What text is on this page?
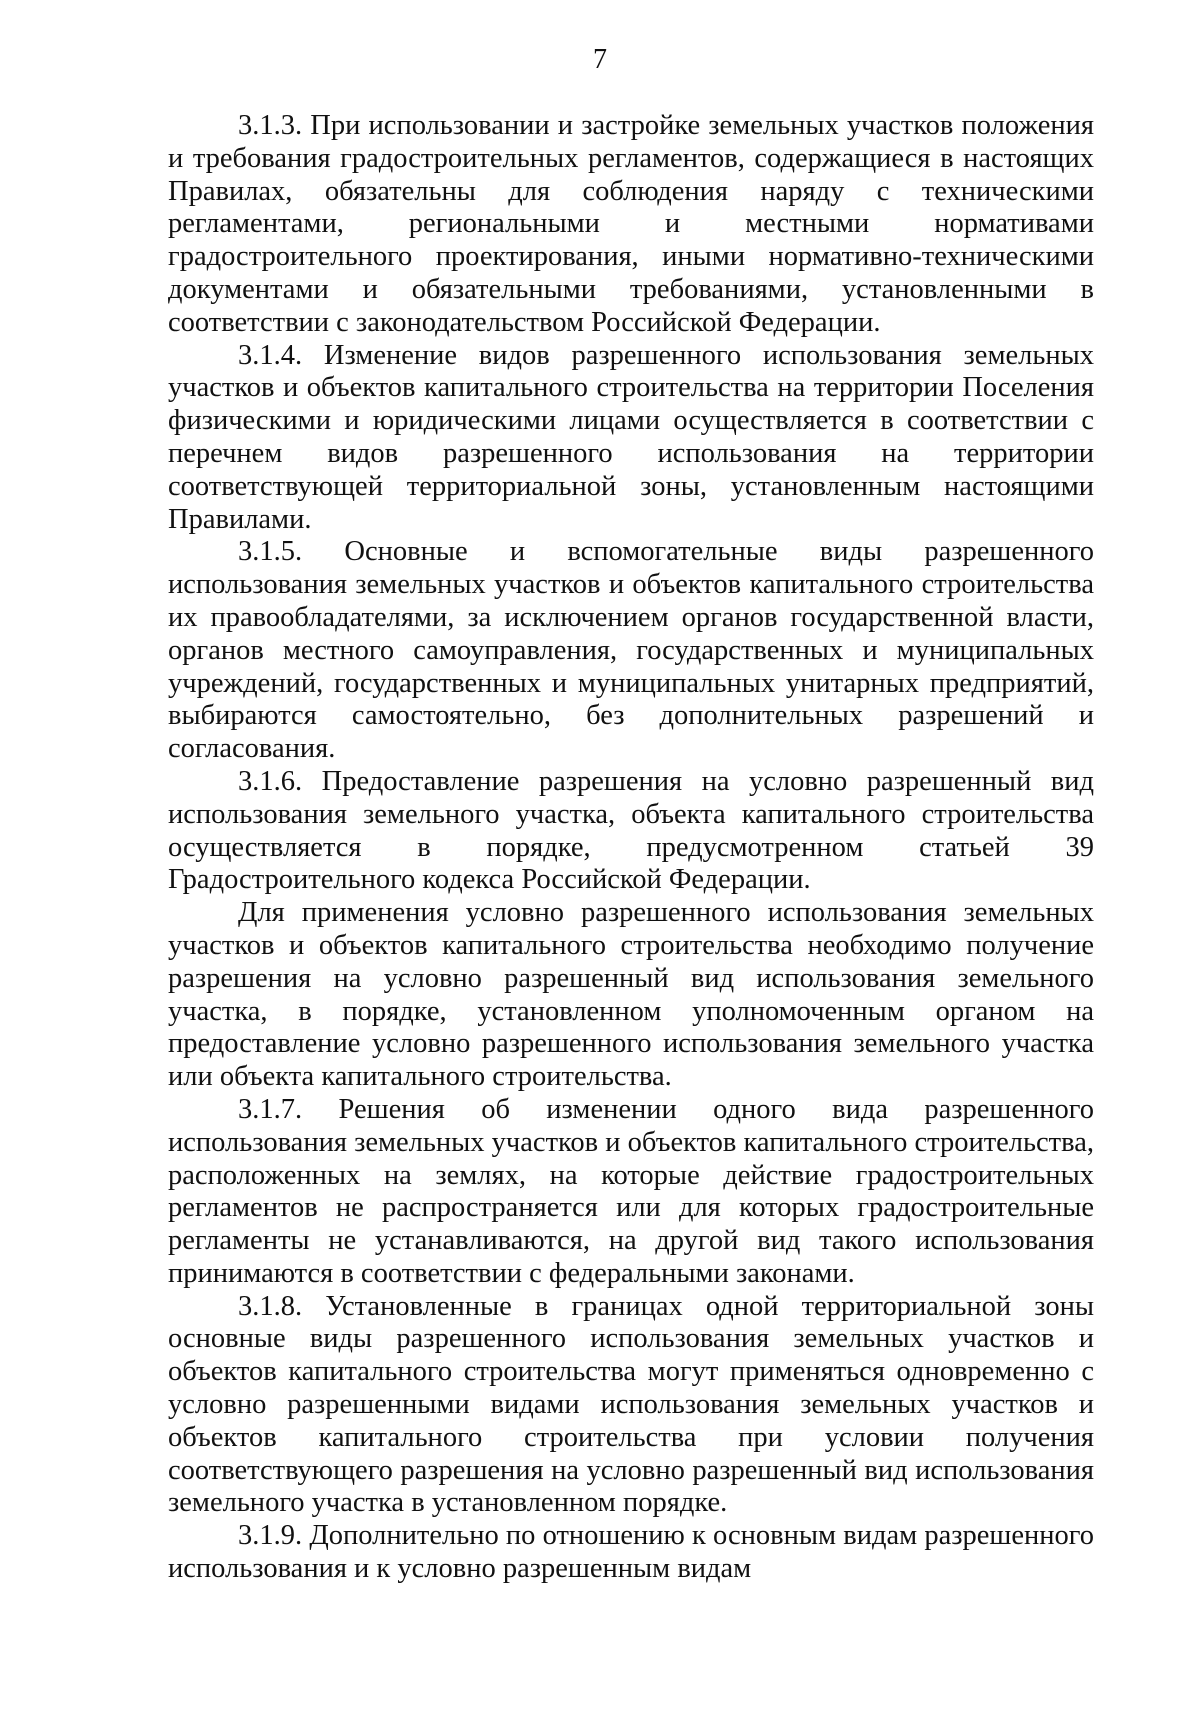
7

3.1.3. При использовании и застройке земельных участков положения и требования градостроительных регламентов, содержащиеся в настоящих Правилах, обязательны для соблюдения наряду с техническими регламентами, региональными и местными нормативами градостроительного проектирования, иными нормативно-техническими документами и обязательными требованиями, установленными в соответствии с законодательством Российской Федерации.

3.1.4. Изменение видов разрешенного использования земельных участков и объектов капитального строительства на территории Поселения физическими и юридическими лицами осуществляется в соответствии с перечнем видов разрешенного использования на территории соответствующей территориальной зоны, установленным настоящими Правилами.

3.1.5. Основные и вспомогательные виды разрешенного использования земельных участков и объектов капитального строительства их правообладателями, за исключением органов государственной власти, органов местного самоуправления, государственных и муниципальных учреждений, государственных и муниципальных унитарных предприятий, выбираются самостоятельно, без дополнительных разрешений и согласования.

3.1.6. Предоставление разрешения на условно разрешенный вид использования земельного участка, объекта капитального строительства осуществляется в порядке, предусмотренном статьей 39 Градостроительного кодекса Российской Федерации.

Для применения условно разрешенного использования земельных участков и объектов капитального строительства необходимо получение разрешения на условно разрешенный вид использования земельного участка, в порядке, установленном уполномоченным органом на предоставление условно разрешенного использования земельного участка или объекта капитального строительства.

3.1.7. Решения об изменении одного вида разрешенного использования земельных участков и объектов капитального строительства, расположенных на землях, на которые действие градостроительных регламентов не распространяется или для которых градостроительные регламенты не устанавливаются, на другой вид такого использования принимаются в соответствии с федеральными законами.

3.1.8. Установленные в границах одной территориальной зоны основные виды разрешенного использования земельных участков и объектов капитального строительства могут применяться одновременно с условно разрешенными видами использования земельных участков и объектов капитального строительства при условии получения соответствующего разрешения на условно разрешенный вид использования земельного участка в установленном порядке.

3.1.9. Дополнительно по отношению к основным видам разрешенного использования и к условно разрешенным видам
